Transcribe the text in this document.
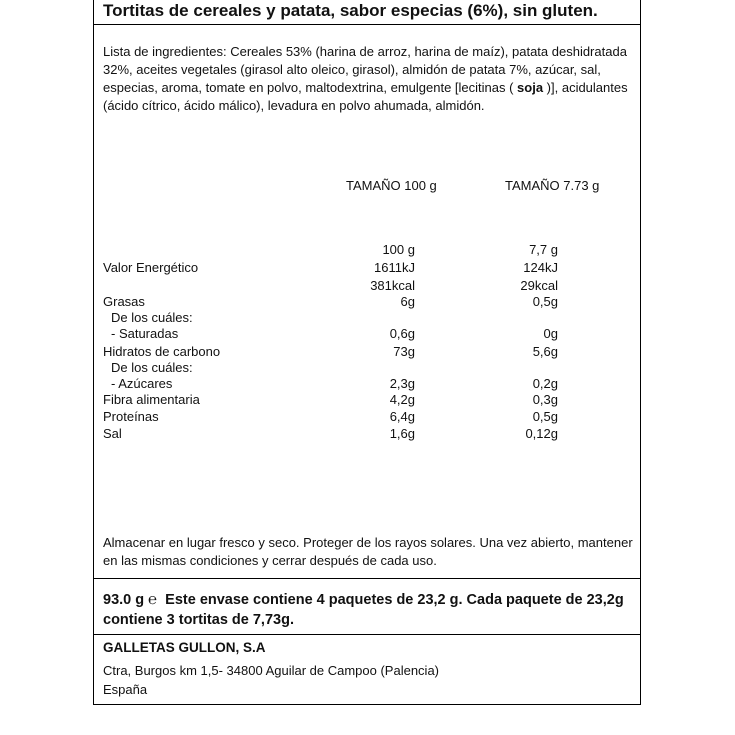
Tortitas de cereales y patata, sabor especias (6%), sin gluten.
Lista de ingredientes: Cereales 53% (harina de arroz, harina de maíz), patata deshidratada 32%, aceites vegetales (girasol alto oleico, girasol), almidón de patata 7%, azúcar, sal, especias, aroma, tomate en polvo, maltodextrina, emulgente [lecitinas ( soja )], acidulantes (ácido cítrico, ácido málico), levadura en polvo ahumada, almidón.
TAMAÑO 100 g	TAMAÑO 7.73 g
100 g	7,7 g
Valor Energético	1611kJ	124kJ
381kcal	29kcal
Grasas	6g	0,5g
De los cuáles:
- Saturadas	0,6g	0g
Hidratos de carbono	73g	5,6g
De los cuáles:
- Azúcares	2,3g	0,2g
Fibra alimentaria	4,2g	0,3g
Proteínas	6,4g	0,5g
Sal	1,6g	0,12g
Almacenar en lugar fresco y seco. Proteger de los rayos solares. Una vez abierto, mantener en las mismas condiciones y cerrar después de cada uso.
93.0 g ℮ Este envase contiene 4 paquetes de 23,2 g. Cada paquete de 23,2g contiene 3 tortitas de 7,73g.
GALLETAS GULLON, S.A
Ctra, Burgos km 1,5- 34800 Aguilar de Campoo (Palencia)
España
